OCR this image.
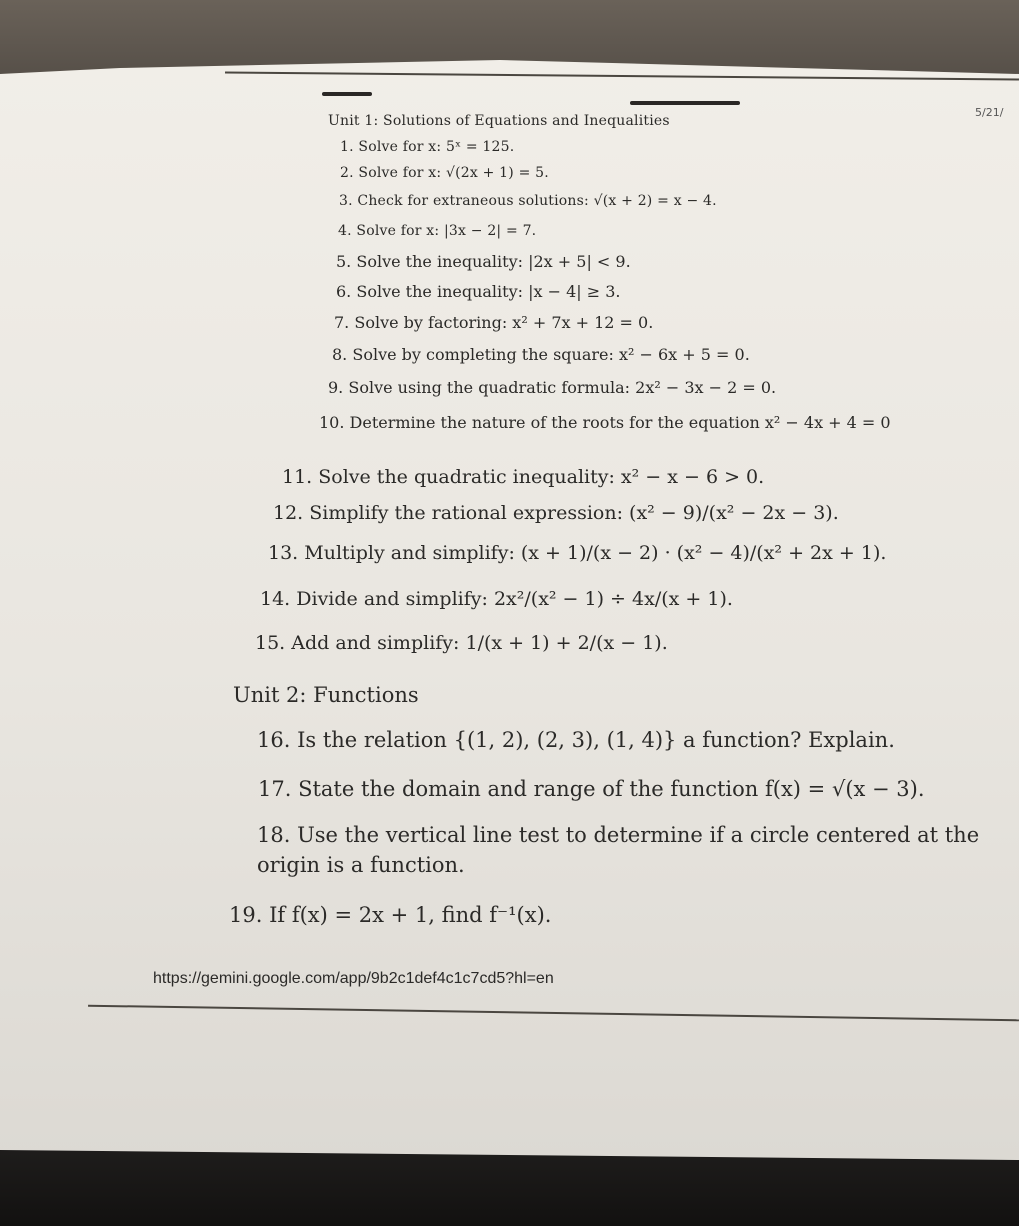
5/21/
Unit 1: Solutions of Equations and Inequalities
1. Solve for x: 5ˣ = 125.
2. Solve for x: √(2x + 1) = 5.
3. Check for extraneous solutions: √(x + 2) = x − 4.
4. Solve for x: |3x − 2| = 7.
5. Solve the inequality: |2x + 5| < 9.
6. Solve the inequality: |x − 4| ≥ 3.
7. Solve by factoring: x² + 7x + 12 = 0.
8. Solve by completing the square: x² − 6x + 5 = 0.
9. Solve using the quadratic formula: 2x² − 3x − 2 = 0.
10. Determine the nature of the roots for the equation x² − 4x + 4 = 0
11. Solve the quadratic inequality: x² − x − 6 > 0.
12. Simplify the rational expression: (x² − 9)/(x² − 2x − 3).
13. Multiply and simplify: (x + 1)/(x − 2) · (x² − 4)/(x² + 2x + 1).
14. Divide and simplify: 2x²/(x² − 1) ÷ 4x/(x + 1).
15. Add and simplify: 1/(x + 1) + 2/(x − 1).
Unit 2: Functions
16. Is the relation {(1, 2), (2, 3), (1, 4)} a function? Explain.
17. State the domain and range of the function f(x) = √(x − 3).
18. Use the vertical line test to determine if a circle centered at the
origin is a function.
19. If f(x) = 2x + 1, find f⁻¹(x).
https://gemini.google.com/app/9b2c1def4c1c7cd5?hl=en
